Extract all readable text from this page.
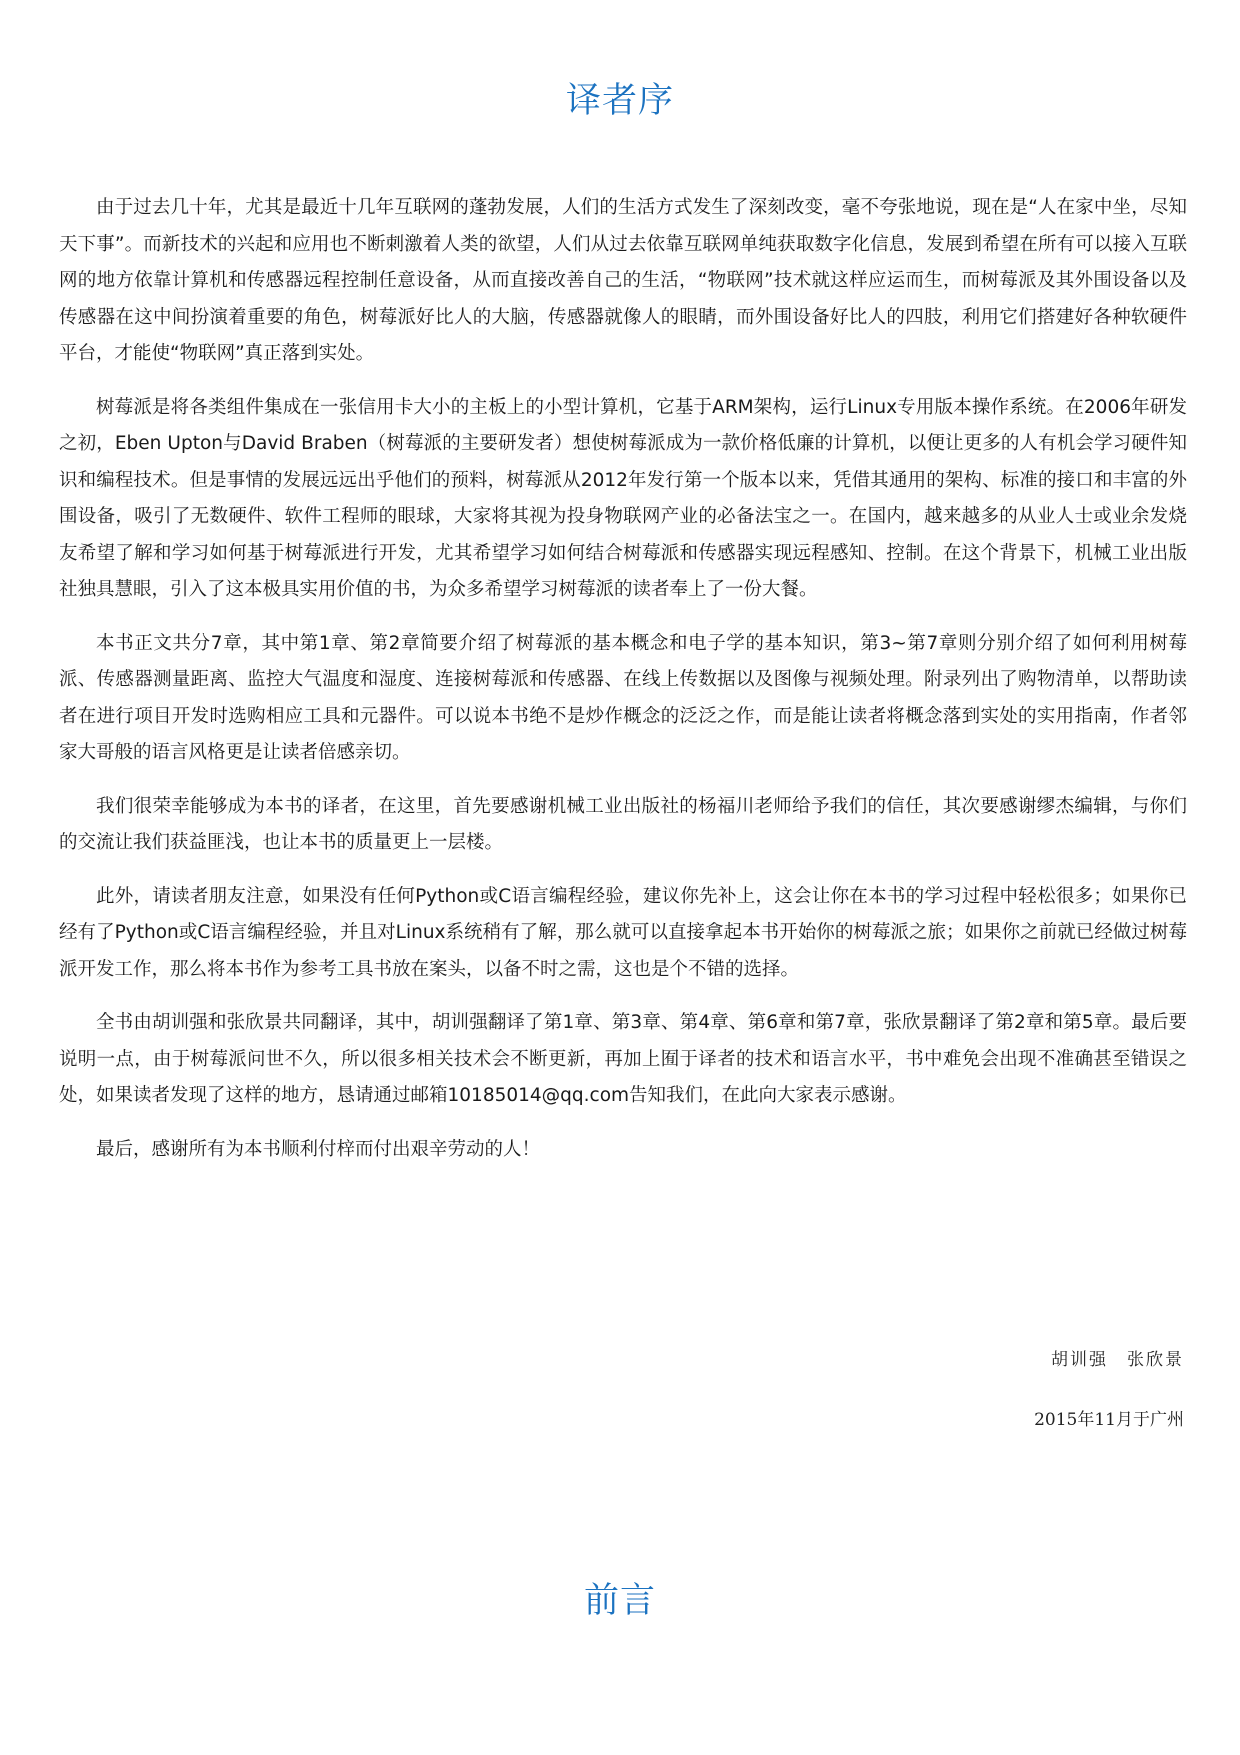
译者序

由于过去几十年，尤其是最近十几年互联网的蓬勃发展，人们的生活方式发生了深刻改变，毫不夸张地说，现在是“人在家中坐，尽知天下事”。而新技术的兴起和应用也不断刺激着人类的欲望，人们从过去依靠互联网单纯获取数字化信息，发展到希望在所有可以接入互联网的地方依靠计算机和传感器远程控制任意设备，从而直接改善自己的生活，“物联网”技术就这样应运而生，而树莓派及其外围设备以及传感器在这中间扮演着重要的角色，树莓派好比人的大脑，传感器就像人的眼睛，而外围设备好比人的四肢，利用它们搭建好各种软硬件平台，才能使“物联网”真正落到实处。

树莓派是将各类组件集成在一张信用卡大小的主板上的小型计算机，它基于ARM架构，运行Linux专用版本操作系统。在2006年研发之初，Eben Upton与David Braben（树莓派的主要研发者）想使树莓派成为一款价格低廉的计算机，以便让更多的人有机会学习硬件知识和编程技术。但是事情的发展远远出乎他们的预料，树莓派从2012年发行第一个版本以来，凭借其通用的架构、标准的接口和丰富的外围设备，吸引了无数硬件、软件工程师的眼球，大家将其视为投身物联网产业的必备法宝之一。在国内，越来越多的从业人士或业余发烧友希望了解和学习如何基于树莓派进行开发，尤其希望学习如何结合树莓派和传感器实现远程感知、控制。在这个背景下，机械工业出版社独具慧眼，引入了这本极具实用价值的书，为众多希望学习树莓派的读者奉上了一份大餐。

本书正文共分7章，其中第1章、第2章简要介绍了树莓派的基本概念和电子学的基本知识，第3~第7章则分别介绍了如何利用树莓派、传感器测量距离、监控大气温度和湿度、连接树莓派和传感器、在线上传数据以及图像与视频处理。附录列出了购物清单，以帮助读者在进行项目开发时选购相应工具和元器件。可以说本书绝不是炒作概念的泛泛之作，而是能让读者将概念落到实处的实用指南，作者邻家大哥般的语言风格更是让读者倍感亲切。

我们很荣幸能够成为本书的译者，在这里，首先要感谢机械工业出版社的杨福川老师给予我们的信任，其次要感谢缪杰编辑，与你们的交流让我们获益匪浅，也让本书的质量更上一层楼。

此外，请读者朋友注意，如果没有任何Python或C语言编程经验，建议你先补上，这会让你在本书的学习过程中轻松很多；如果你已经有了Python或C语言编程经验，并且对Linux系统稍有了解，那么就可以直接拿起本书开始你的树莓派之旅；如果你之前就已经做过树莓派开发工作，那么将本书作为参考工具书放在案头，以备不时之需，这也是个不错的选择。

全书由胡训强和张欣景共同翻译，其中，胡训强翻译了第1章、第3章、第4章、第6章和第7章，张欣景翻译了第2章和第5章。最后要说明一点，由于树莓派问世不久，所以很多相关技术会不断更新，再加上囿于译者的技术和语言水平，书中难免会出现不准确甚至错误之处，如果读者发现了这样的地方，恳请通过邮箱10185014@qq.com告知我们，在此向大家表示感谢。

最后，感谢所有为本书顺利付梓而付出艰辛劳动的人！

胡训强　张欣景
2015年11月于广州
前言
